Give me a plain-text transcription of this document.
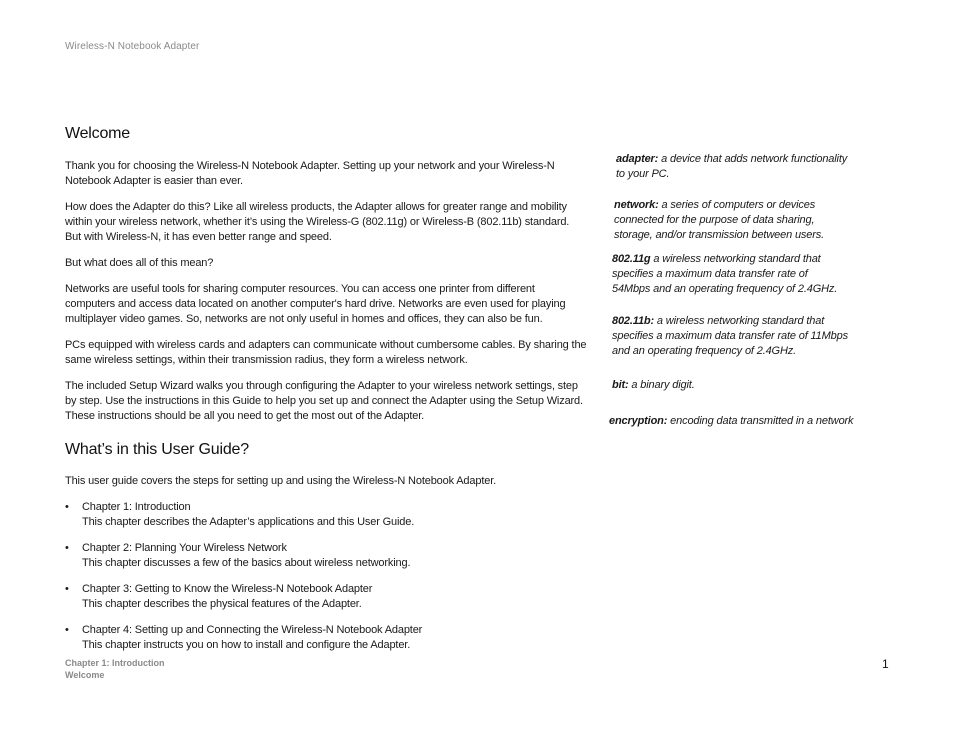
Wireless-N Notebook Adapter
Welcome

Thank you for choosing the Wireless-N Notebook Adapter. Setting up your network and your Wireless-N Notebook Adapter is easier than ever.

How does the Adapter do this? Like all wireless products, the Adapter allows for greater range and mobility within your wireless network, whether it’s using the Wireless-G (802.11g) or Wireless-B (802.11b) standard. But with Wireless-N, it has even better range and speed.

But what does all of this mean?

Networks are useful tools for sharing computer resources. You can access one printer from different computers and access data located on another computer's hard drive. Networks are even used for playing multiplayer video games. So, networks are not only useful in homes and offices, they can also be fun.

PCs equipped with wireless cards and adapters can communicate without cumbersome cables. By sharing the same wireless settings, within their transmission radius, they form a wireless network.

The included Setup Wizard walks you through configuring the Adapter to your wireless network settings, step by step. Use the instructions in this Guide to help you set up and connect the Adapter using the Setup Wizard. These instructions should be all you need to get the most out of the Adapter.

What’s in this User Guide?

This user guide covers the steps for setting up and using the Wireless-N Notebook Adapter.

• Chapter 1: Introduction
This chapter describes the Adapter’s applications and this User Guide.
• Chapter 2: Planning Your Wireless Network
This chapter discusses a few of the basics about wireless networking.
• Chapter 3: Getting to Know the Wireless-N Notebook Adapter
This chapter describes the physical features of the Adapter.
• Chapter 4: Setting up and Connecting the Wireless-N Notebook Adapter
This chapter instructs you on how to install and configure the Adapter.
adapter: a device that adds network functionality to your PC.
network: a series of computers or devices connected for the purpose of data sharing, storage, and/or transmission between users.
802.11g a wireless networking standard that specifies a maximum data transfer rate of 54Mbps and an operating frequency of 2.4GHz.
802.11b: a wireless networking standard that specifies a maximum data transfer rate of 11Mbps and an operating frequency of 2.4GHz.
bit: a binary digit.
encryption: encoding data transmitted in a network
Chapter 1: Introduction
Welcome
1
